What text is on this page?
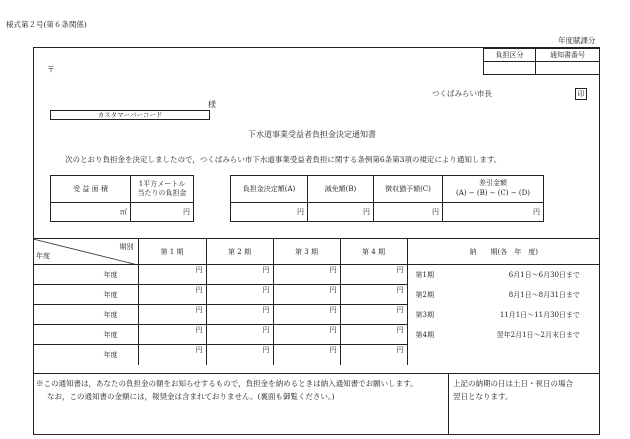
様式第２号(第６条関係)
年度賦課分
負担区分	通知書番号

〒
つくばみらい市長	印
様
カスタマーバーコード
下水道事業受益者負担金決定通知書
次のとおり負担金を決定しましたので，つくばみらい市下水道事業受益者負担に関する条例第6条第3項の規定により通知します。
受 益 面 積	1平方メートル
当たりの負担金
㎡	円
負担金決定額(A)	減免額(B)	徴収猶予額(C)	差引金額
(A) − (B) − (C) − (D)
円	円	円	円
期別
年度	第 1 期	第 2 期	第 3 期	第 4 期	納　　期(各　年　度)	
年度	円	円	円	円	第1期	6月1日〜6月30日まで
年度	円	円	円	円	第2期	8月1日〜8月31日まで
年度	円	円	円	円	第3期	11月1日〜11月30日まで
年度	円	円	円	円	第4期	翌年2月1日〜2月末日まで
年度	円	円	円	円		
※この通知書は，あなたの負担金の額をお知らせするもので，負担金を納めるときは納入通知書でお願いします。
なお，この通知書の金額には，報奨金は含まれておりません。(裏面も御覧ください。)
上記の納期の日は土日・祝日の場合
翌日となります。
